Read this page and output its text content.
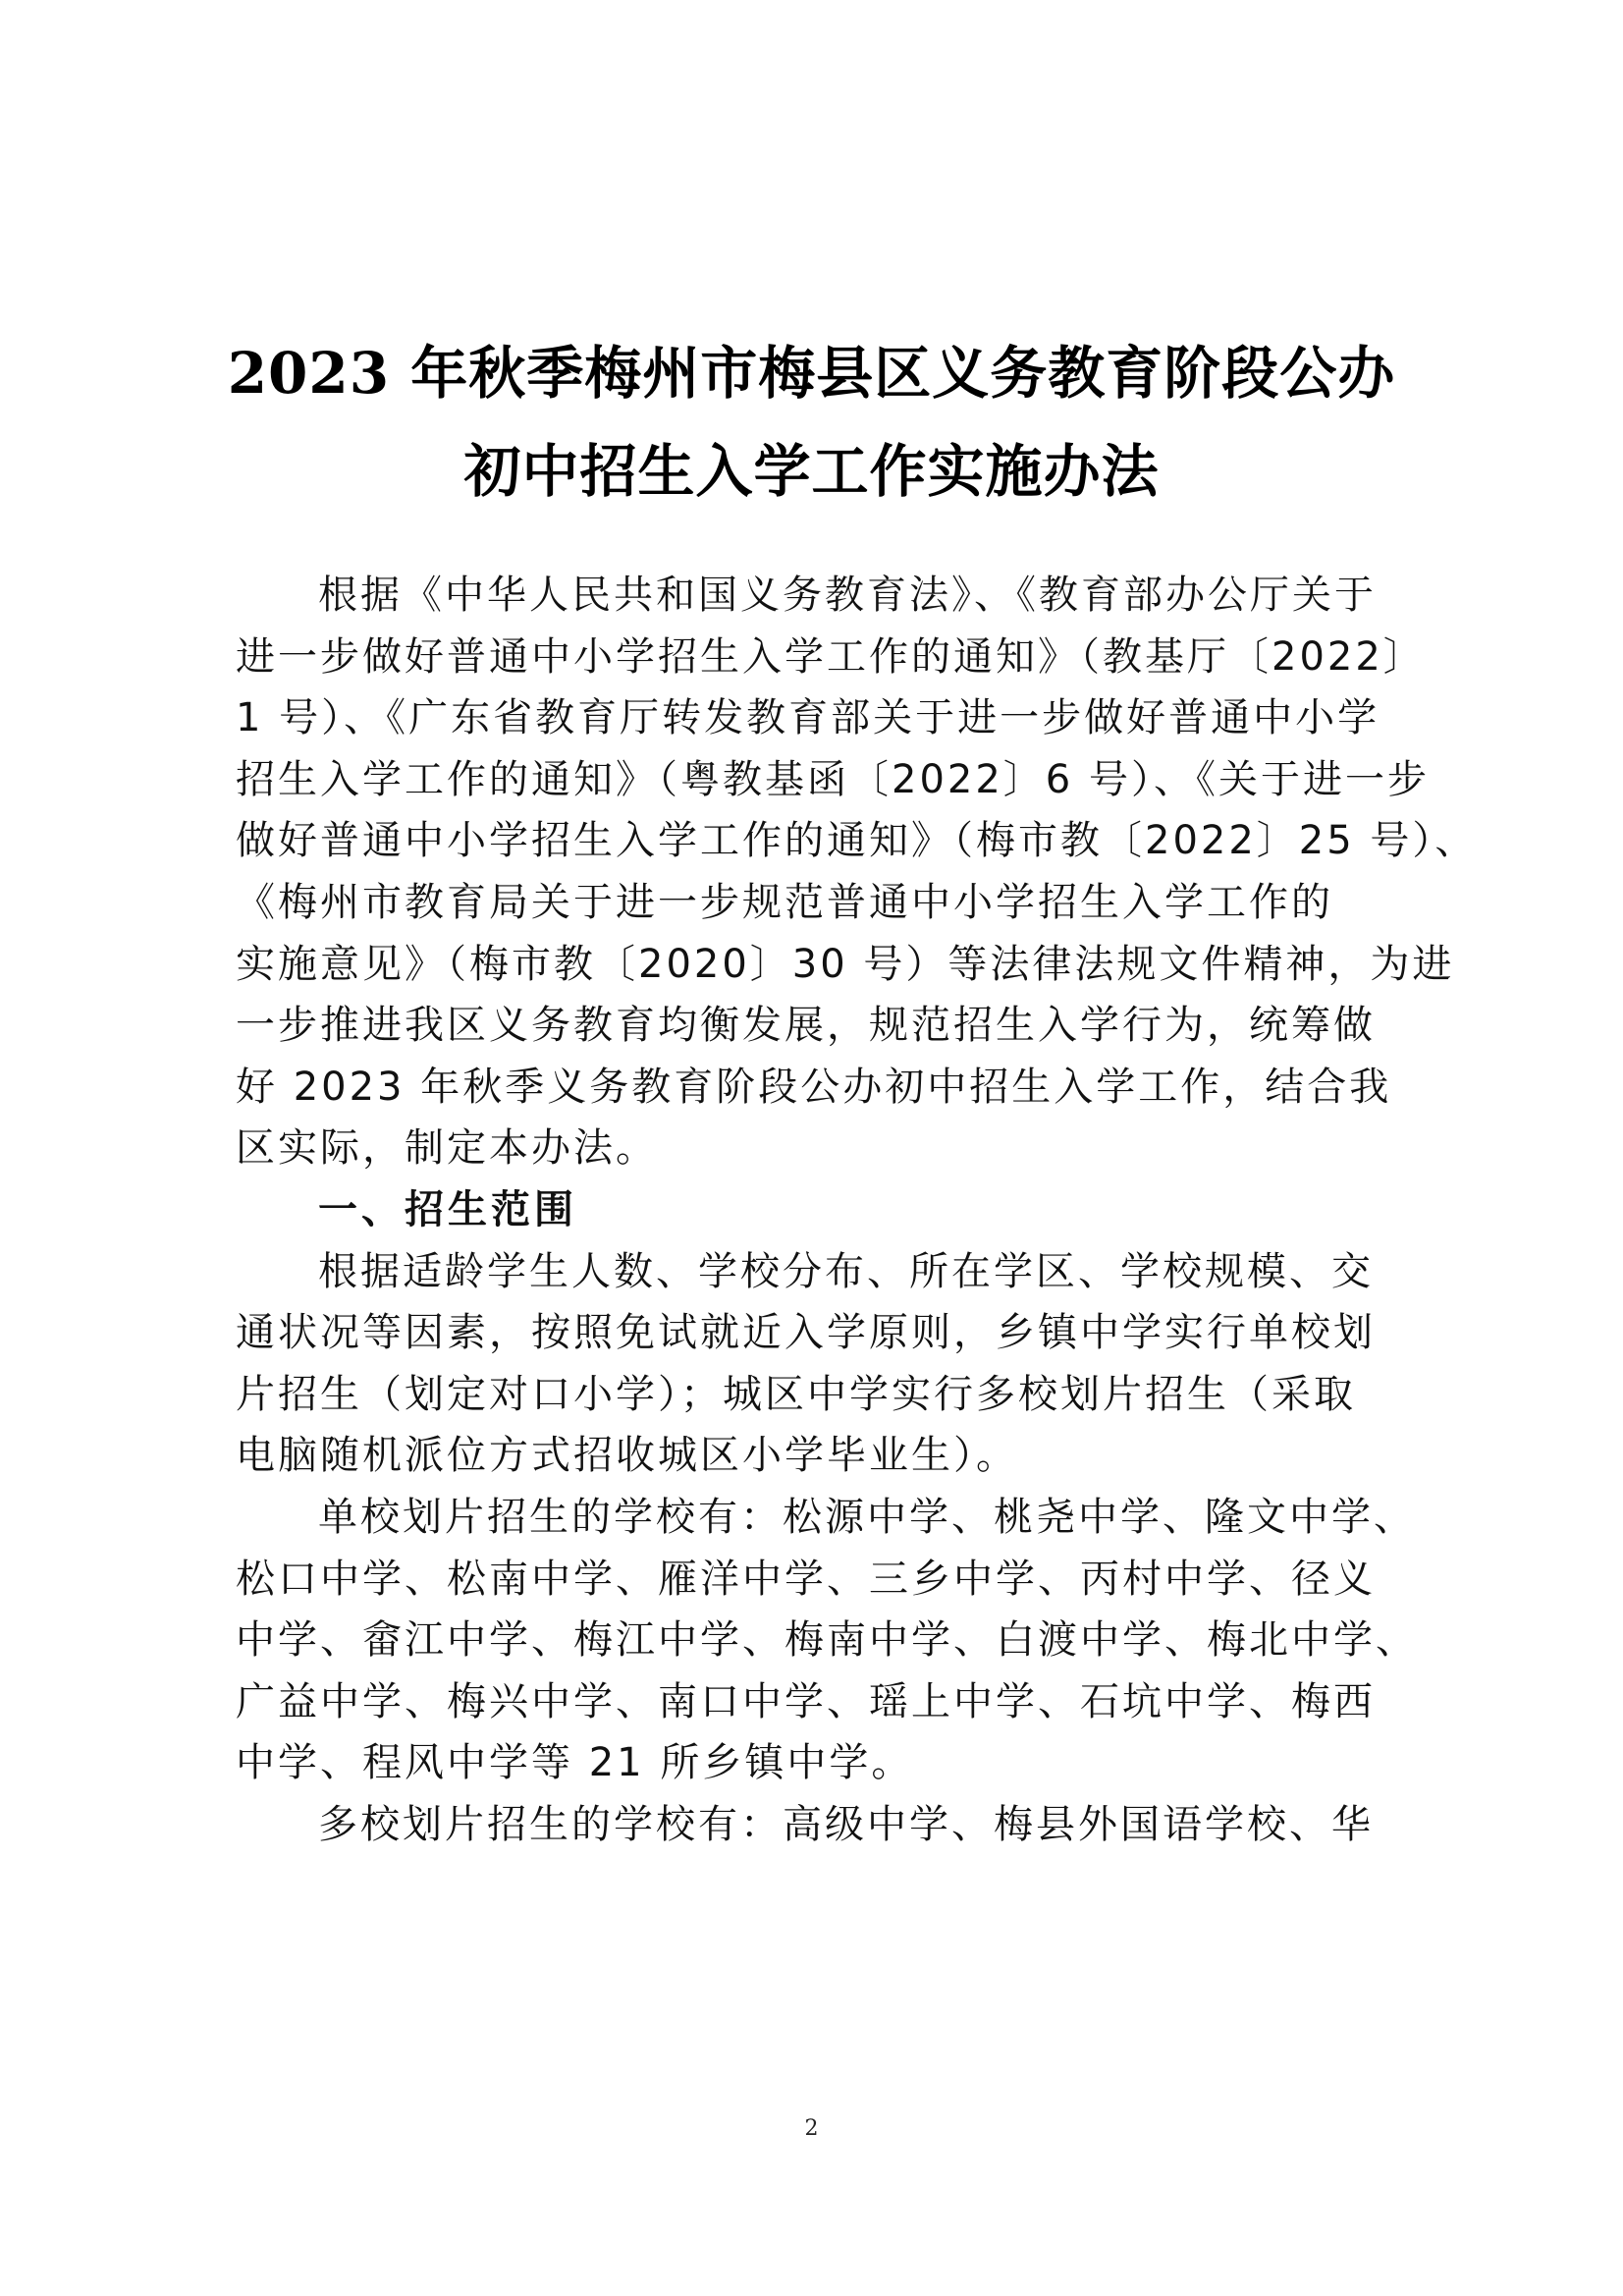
2023 年秋季梅州市梅县区义务教育阶段公办
初中招生入学工作实施办法
根据《中华人民共和国义务教育法》、《教育部办公厅关于
进一步做好普通中小学招生入学工作的通知》（教基厅〔2022〕
1 号）、《广东省教育厅转发教育部关于进一步做好普通中小学
招生入学工作的通知》（粤教基函〔2022〕6 号）、《关于进一步
做好普通中小学招生入学工作的通知》（梅市教〔2022〕25 号）、
《梅州市教育局关于进一步规范普通中小学招生入学工作的
实施意见》（梅市教〔2020〕30 号）等法律法规文件精神，为进
一步推进我区义务教育均衡发展，规范招生入学行为，统筹做
好 2023 年秋季义务教育阶段公办初中招生入学工作，结合我
区实际，制定本办法。
一、招生范围
根据适龄学生人数、学校分布、所在学区、学校规模、交
通状况等因素，按照免试就近入学原则，乡镇中学实行单校划
片招生（划定对口小学）；城区中学实行多校划片招生（采取
电脑随机派位方式招收城区小学毕业生）。
单校划片招生的学校有：松源中学、桃尧中学、隆文中学、
松口中学、松南中学、雁洋中学、三乡中学、丙村中学、径义
中学、畲江中学、梅江中学、梅南中学、白渡中学、梅北中学、
广益中学、梅兴中学、南口中学、瑶上中学、石坑中学、梅西
中学、程风中学等 21 所乡镇中学。
多校划片招生的学校有：高级中学、梅县外国语学校、华
2
